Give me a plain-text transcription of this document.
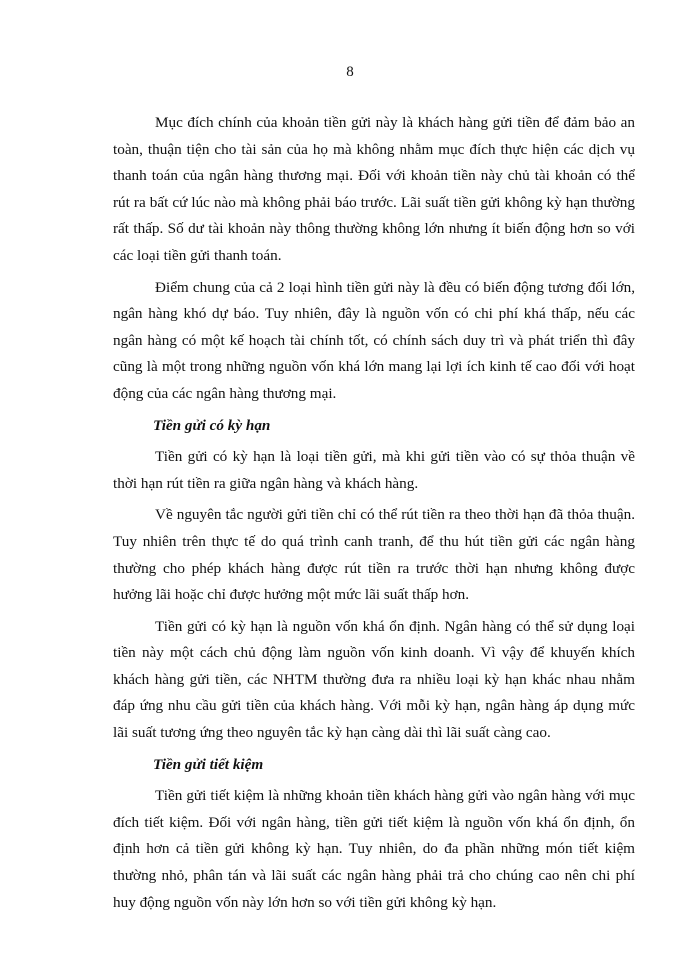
8

Mục đích chính của khoản tiền gửi này là khách hàng gửi tiền để đảm bảo an toàn, thuận tiện cho tài sản của họ mà không nhằm mục đích thực hiện các dịch vụ thanh toán của ngân hàng thương mại. Đối với khoản tiền này chủ tài khoản có thể rút ra bất cứ lúc nào mà không phải báo trước. Lãi suất tiền gửi không kỳ hạn thường rất thấp. Số dư tài khoản này thông thường không lớn nhưng ít biến động hơn so với các loại tiền gửi thanh toán.

Điểm chung của cả 2 loại hình tiền gửi này là đều có biến động tương đối lớn, ngân hàng khó dự báo. Tuy nhiên, đây là nguồn vốn có chi phí khá thấp, nếu các ngân hàng có một kế hoạch tài chính tốt, có chính sách duy trì và phát triển thì đây cũng là một trong những nguồn vốn khá lớn mang lại lợi ích kinh tế cao đối với hoạt động của các ngân hàng thương mại.

Tiền gửi có kỳ hạn

Tiền gửi có kỳ hạn là loại tiền gửi, mà khi gửi tiền vào có sự thỏa thuận về thời hạn rút tiền ra giữa ngân hàng và khách hàng.

Về nguyên tắc người gửi tiền chỉ có thể rút tiền ra theo thời hạn đã thỏa thuận. Tuy nhiên trên thực tế do quá trình canh tranh, để thu hút tiền gửi các ngân hàng thường cho phép khách hàng được rút tiền ra trước thời hạn nhưng không được hưởng lãi hoặc chỉ được hưởng một mức lãi suất thấp hơn.

Tiền gửi có kỳ hạn là nguồn vốn khá ổn định. Ngân hàng có thể sử dụng loại tiền này một cách chủ động làm nguồn vốn kinh doanh. Vì vậy để khuyến khích khách hàng gửi tiền, các NHTM thường đưa ra nhiều loại kỳ hạn khác nhau nhằm đáp ứng nhu cầu gửi tiền của khách hàng. Với mỗi kỳ hạn, ngân hàng áp dụng mức lãi suất tương ứng theo nguyên tắc kỳ hạn càng dài thì lãi suất càng cao.

Tiền gửi tiết kiệm

Tiền gửi tiết kiệm là những khoản tiền khách hàng gửi vào ngân hàng với mục đích tiết kiệm. Đối với ngân hàng, tiền gửi tiết kiệm là nguồn vốn khá ổn định, ổn định hơn cả tiền gửi không kỳ hạn. Tuy nhiên, do đa phần những món tiết kiệm thường nhỏ, phân tán và lãi suất các ngân hàng phải trả cho chúng cao nên chi phí huy động nguồn vốn này lớn hơn so với tiền gửi không kỳ hạn.
